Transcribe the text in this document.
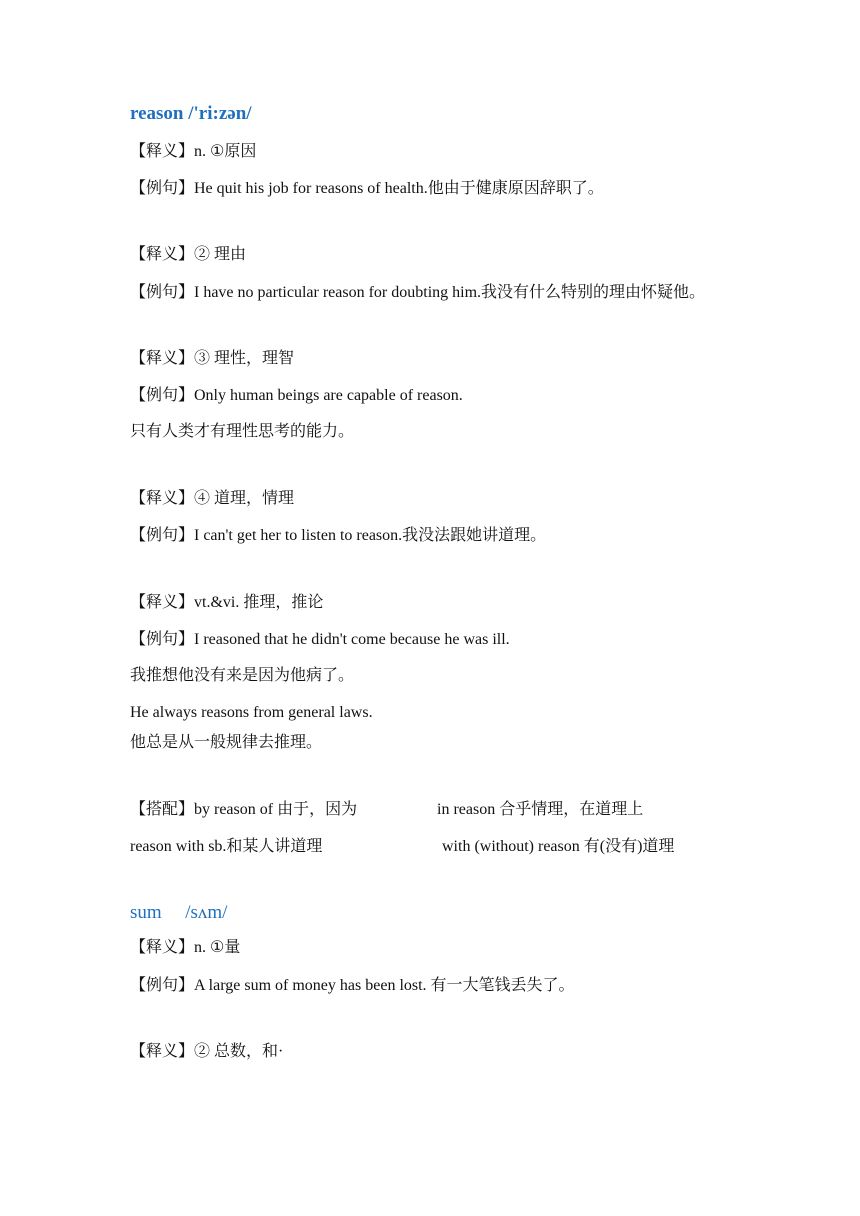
reason /'ri:zən/
【释义】n. ①原因
【例句】He quit his job for reasons of health.他由于健康原因辞职了。
【释义】② 理由
【例句】I have no particular reason for doubting him.我没有什么特别的理由怀疑他。
【释义】③ 理性，理智
【例句】Only human beings are capable of reason.
只有人类才有理性思考的能力。
【释义】④ 道理，情理
【例句】I can't get her to listen to reason.我没法跟她讲道理。
【释义】vt.&vi. 推理，推论
【例句】I reasoned that he didn't come because he was ill.
我推想他没有来是因为他病了。
He always reasons from general laws.
他总是从一般规律去推理。
【搭配】by reason of 由于，因为	in reason 合乎情理，在道理上
reason with sb.和某人讲道理	with (without) reason 有(没有)道理
sum /sʌm/
【释义】n. ①量
【例句】A large sum of money has been lost. 有一大笔钱丢失了。
【释义】② 总数，和·
